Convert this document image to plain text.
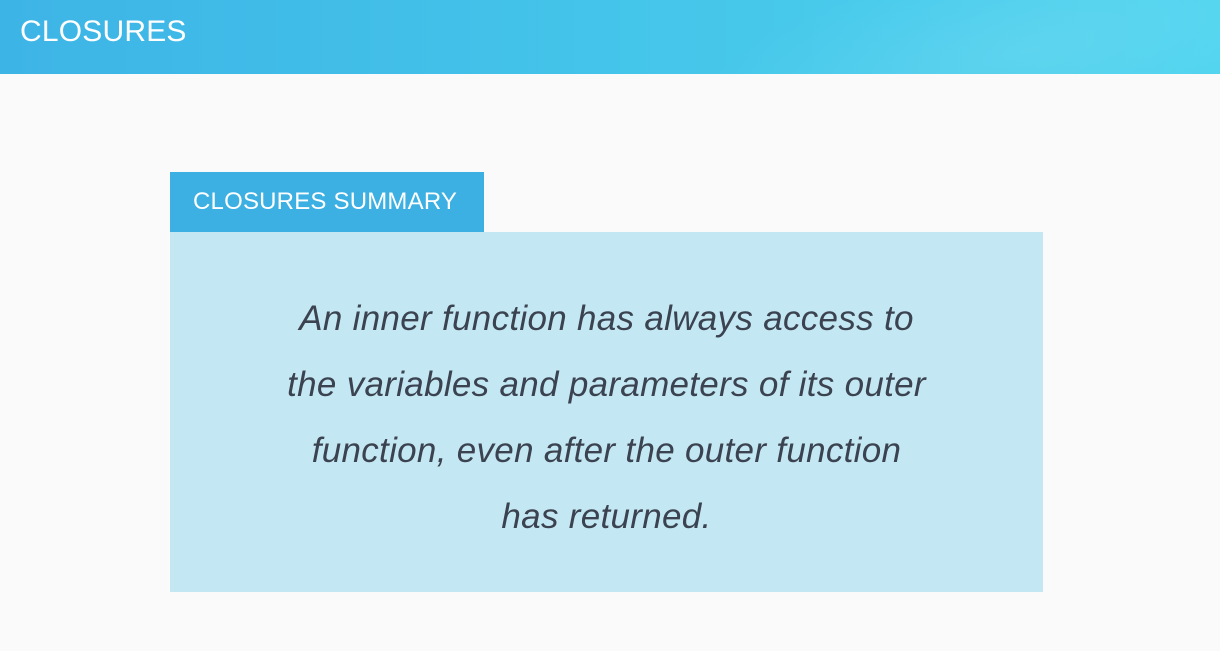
CLOSURES
CLOSURES SUMMARY

An inner function has always access to
the variables and parameters of its outer
function, even after the outer function
has returned.
